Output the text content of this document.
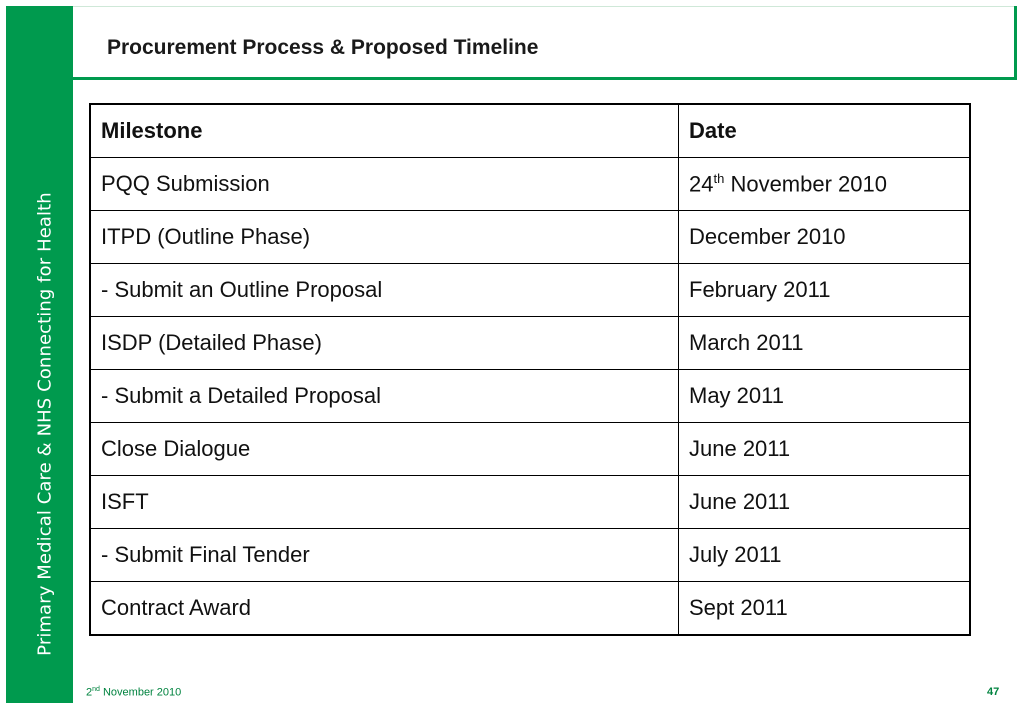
Primary Medical Care & NHS Connecting for Health
Procurement Process & Proposed Timeline
Milestone	Date
PQQ Submission	24th November 2010
ITPD (Outline Phase)	December 2010
- Submit an Outline Proposal	February 2011
ISDP (Detailed Phase)	March 2011
- Submit a Detailed Proposal	May 2011
Close Dialogue	June 2011
ISFT	June 2011
- Submit Final Tender	July 2011
Contract Award	Sept 2011
2nd November 2010	47
